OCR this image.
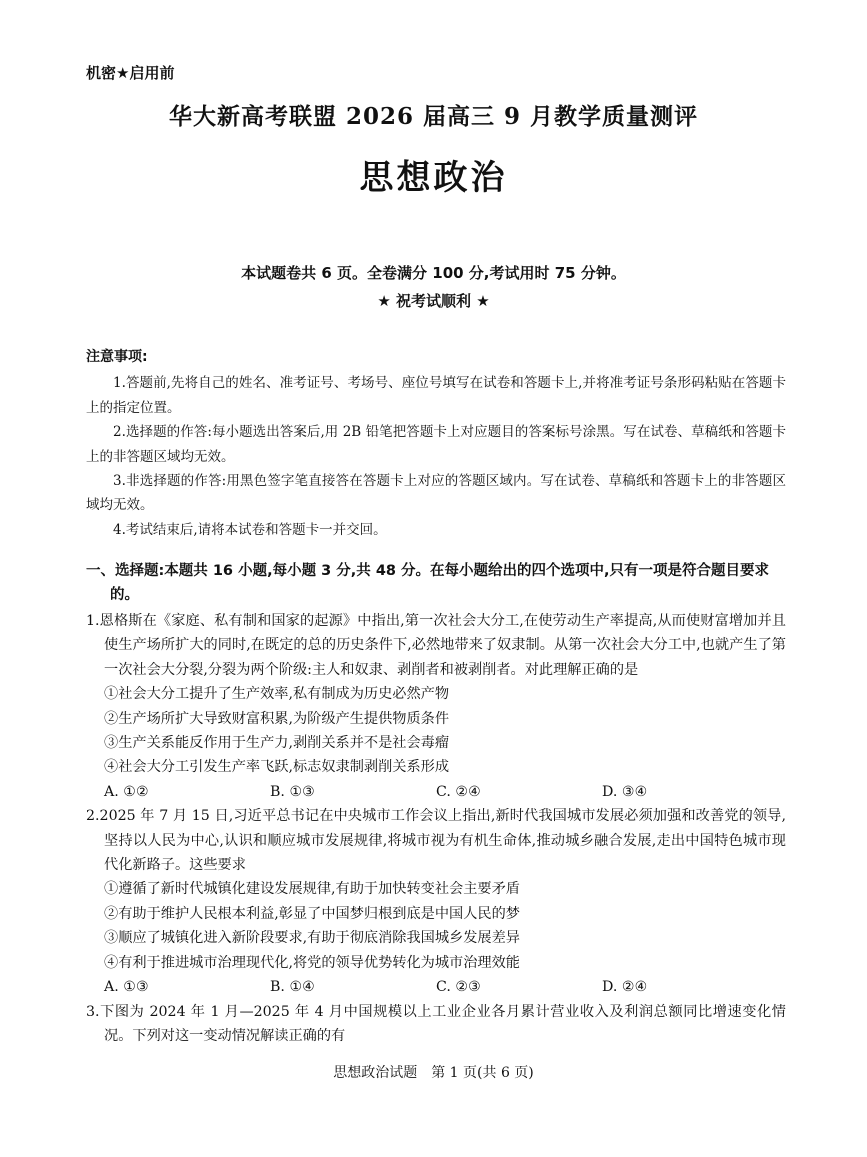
机密★启用前
华大新高考联盟 2026 届高三 9 月教学质量测评
思想政治
本试题卷共 6 页。全卷满分 100 分,考试用时 75 分钟。
★ 祝考试顺利 ★
注意事项:
1.答题前,先将自己的姓名、准考证号、考场号、座位号填写在试卷和答题卡上,并将准考证号条形码粘贴在答题卡上的指定位置。
2.选择题的作答:每小题选出答案后,用 2B 铅笔把答题卡上对应题目的答案标号涂黑。写在试卷、草稿纸和答题卡上的非答题区域均无效。
3.非选择题的作答:用黑色签字笔直接答在答题卡上对应的答题区域内。写在试卷、草稿纸和答题卡上的非答题区域均无效。
4.考试结束后,请将本试卷和答题卡一并交回。
一、选择题:本题共 16 小题,每小题 3 分,共 48 分。在每小题给出的四个选项中,只有一项是符合题目要求的。
1.恩格斯在《家庭、私有制和国家的起源》中指出,第一次社会大分工,在使劳动生产率提高,从而使财富增加并且使生产场所扩大的同时,在既定的总的历史条件下,必然地带来了奴隶制。从第一次社会大分工中,也就产生了第一次社会大分裂,分裂为两个阶级:主人和奴隶、剥削者和被剥削者。对此理解正确的是
①社会大分工提升了生产效率,私有制成为历史必然产物
②生产场所扩大导致财富积累,为阶级产生提供物质条件
③生产关系能反作用于生产力,剥削关系并不是社会毒瘤
④社会大分工引发生产率飞跃,标志奴隶制剥削关系形成
A. ①②	B. ①③	C. ②④	D. ③④
2.2025 年 7 月 15 日,习近平总书记在中央城市工作会议上指出,新时代我国城市发展必须加强和改善党的领导,坚持以人民为中心,认识和顺应城市发展规律,将城市视为有机生命体,推动城乡融合发展,走出中国特色城市现代化新路子。这些要求
①遵循了新时代城镇化建设发展规律,有助于加快转变社会主要矛盾
②有助于维护人民根本利益,彰显了中国梦归根到底是中国人民的梦
③顺应了城镇化进入新阶段要求,有助于彻底消除我国城乡发展差异
④有利于推进城市治理现代化,将党的领导优势转化为城市治理效能
A. ①③	B. ①④	C. ②③	D. ②④
3.下图为 2024 年 1 月—2025 年 4 月中国规模以上工业企业各月累计营业收入及利润总额同比增速变化情况。下列对这一变动情况解读正确的有
思想政治试题　第 1 页(共 6 页)
